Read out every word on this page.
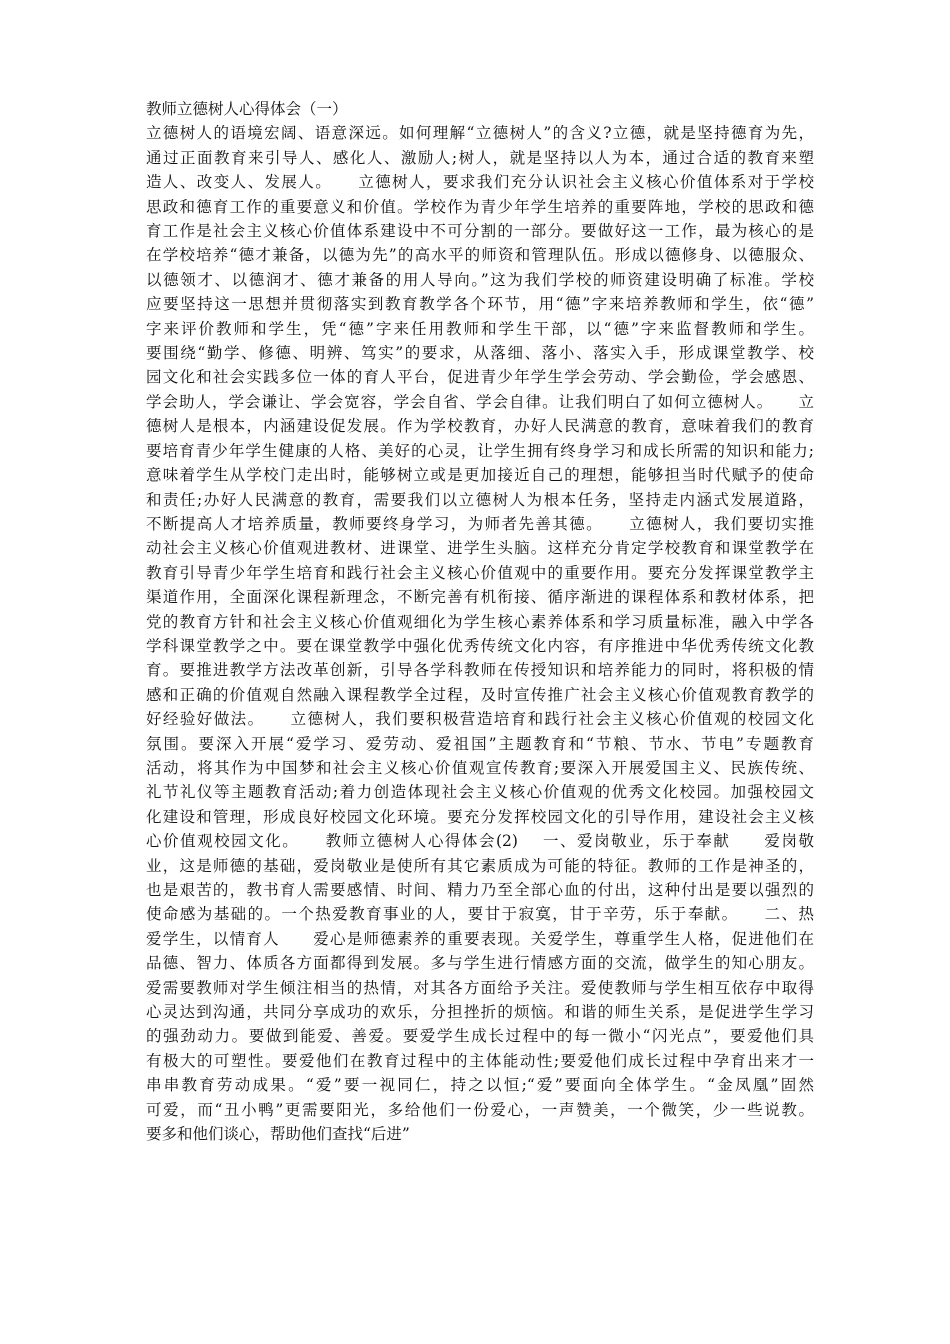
教师立德树人心得体会（一）
立德树人的语境宏阔、语意深远。如何理解“立德树人”的含义?立德，就是坚持德育为先，
通过正面教育来引导人、感化人、激励人;树人，就是坚持以人为本，通过合适的教育来塑
造人、改变人、发展人。　　立德树人，要求我们充分认识社会主义核心价值体系对于学校
思政和德育工作的重要意义和价值。学校作为青少年学生培养的重要阵地，学校的思政和德
育工作是社会主义核心价值体系建设中不可分割的一部分。要做好这一工作，最为核心的是
在学校培养“德才兼备，以德为先”的高水平的师资和管理队伍。形成以德修身、以德服众、
以德领才、以德润才、德才兼备的用人导向。”这为我们学校的师资建设明确了标准。学校
应要坚持这一思想并贯彻落实到教育教学各个环节，用“德”字来培养教师和学生，依“德”
字来评价教师和学生，凭“德”字来任用教师和学生干部，以“德”字来监督教师和学生。
要围绕“勤学、修德、明辨、笃实”的要求，从落细、落小、落实入手，形成课堂教学、校
园文化和社会实践多位一体的育人平台，促进青少年学生学会劳动、学会勤俭，学会感恩、
学会助人，学会谦让、学会宽容，学会自省、学会自律。让我们明白了如何立德树人。　　立
德树人是根本，内涵建设促发展。作为学校教育，办好人民满意的教育，意味着我们的教育
要培育青少年学生健康的人格、美好的心灵，让学生拥有终身学习和成长所需的知识和能力;
意味着学生从学校门走出时，能够树立或是更加接近自己的理想，能够担当时代赋予的使命
和责任;办好人民满意的教育，需要我们以立德树人为根本任务，坚持走内涵式发展道路，
不断提高人才培养质量，教师要终身学习，为师者先善其德。　　立德树人，我们要切实推
动社会主义核心价值观进教材、进课堂、进学生头脑。这样充分肯定学校教育和课堂教学在
教育引导青少年学生培育和践行社会主义核心价值观中的重要作用。要充分发挥课堂教学主
渠道作用，全面深化课程新理念，不断完善有机衔接、循序渐进的课程体系和教材体系，把
党的教育方针和社会主义核心价值观细化为学生核心素养体系和学习质量标准，融入中学各
学科课堂教学之中。要在课堂教学中强化优秀传统文化内容，有序推进中华优秀传统文化教
育。要推进教学方法改革创新，引导各学科教师在传授知识和培养能力的同时，将积极的情
感和正确的价值观自然融入课程教学全过程，及时宣传推广社会主义核心价值观教育教学的
好经验好做法。　　立德树人，我们要积极营造培育和践行社会主义核心价值观的校园文化
氛围。要深入开展“爱学习、爱劳动、爱祖国”主题教育和“节粮、节水、节电”专题教育
活动，将其作为中国梦和社会主义核心价值观宣传教育;要深入开展爱国主义、民族传统、
礼节礼仪等主题教育活动;着力创造体现社会主义核心价值观的优秀文化校园。加强校园文
化建设和管理，形成良好校园文化环境。要充分发挥校园文化的引导作用，建设社会主义核
心价值观校园文化。　　教师立德树人心得体会(2)　 一、爱岗敬业，乐于奉献　　爱岗敬
业，这是师德的基础，爱岗敬业是使所有其它素质成为可能的特征。教师的工作是神圣的，
也是艰苦的，教书育人需要感情、时间、精力乃至全部心血的付出，这种付出是要以强烈的
使命感为基础的。一个热爱教育事业的人，要甘于寂寞，甘于辛劳，乐于奉献。　　二、热
爱学生，以情育人　　爱心是师德素养的重要表现。关爱学生，尊重学生人格，促进他们在
品德、智力、体质各方面都得到发展。多与学生进行情感方面的交流，做学生的知心朋友。
爱需要教师对学生倾注相当的热情，对其各方面给予关注。爱使教师与学生相互依存中取得
心灵达到沟通，共同分享成功的欢乐，分担挫折的烦恼。和谐的师生关系，是促进学生学习
的强劲动力。要做到能爱、善爱。要爱学生成长过程中的每一微小“闪光点”，要爱他们具
有极大的可塑性。要爱他们在教育过程中的主体能动性;要爱他们成长过程中孕育出来才一
串串教育劳动成果。“爱”要一视同仁，持之以恒;“爱”要面向全体学生。“金凤凰”固然
可爱，而“丑小鸭”更需要阳光，多给他们一份爱心，一声赞美，一个微笑，少一些说教。
要多和他们谈心，帮助他们查找“后进”
